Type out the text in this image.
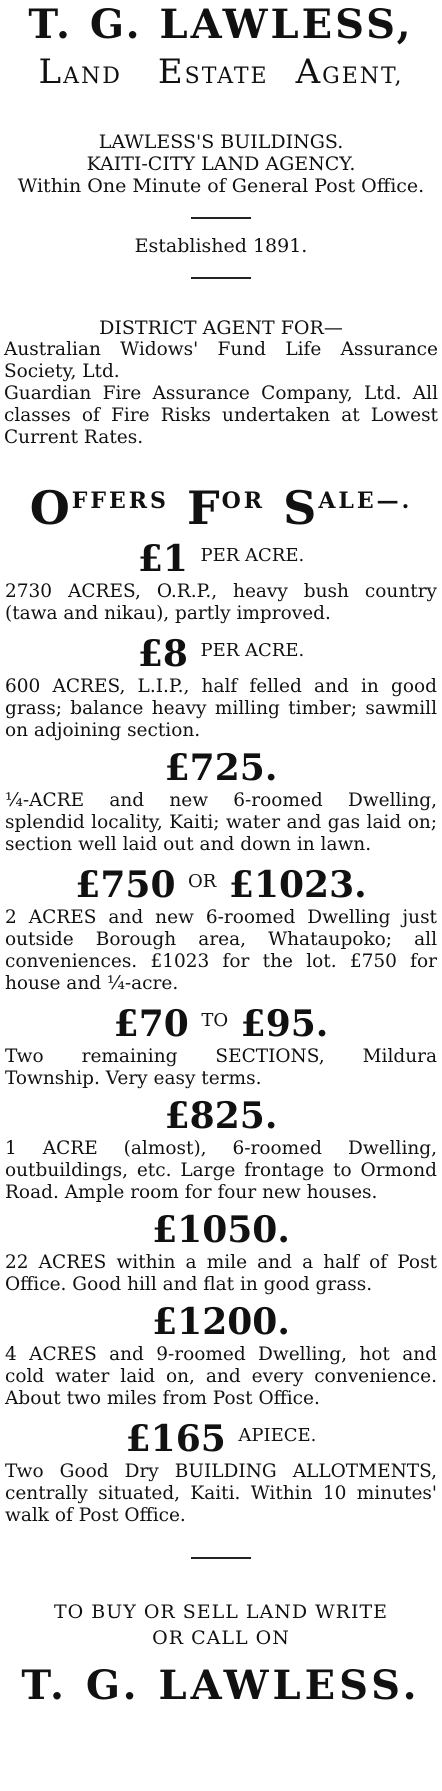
T. G. LAWLESS,
LAND ESTATE AGENT,
LAWLESS'S BUILDINGS.
KAITI-CITY LAND AGENCY.
Within One Minute of General Post Office.
Established 1891.
DISTRICT AGENT FOR—
Australian Widows' Fund Life Assurance Society, Ltd.
Guardian Fire Assurance Company, Ltd. All classes of Fire Risks undertaken at Lowest Current Rates.
$O^{FFERS}$ $F^{OR}$ $S^{ALE—.}$
£1 $^{PER ACRE.}$
2730 ACRES, O.R.P., heavy bush country (tawa and nikau), partly improved.
£8 $^{PER ACRE.}$
600 ACRES, L.I.P., half felled and in good grass; balance heavy milling timber; sawmill on adjoining section.
£725.
¼-ACRE and new 6-roomed Dwelling, splendid locality, Kaiti; water and gas laid on; section well laid out and down in lawn.
£750 $^{OR}$ £1023.
2 ACRES and new 6-roomed Dwelling just outside Borough area, Whataupoko; all conveniences. £1023 for the lot. £750 for house and ¼-acre.
£70 $^{TO}$ £95.
Two remaining SECTIONS, Mildura Township. Very easy terms.
£825.
1 ACRE (almost), 6-roomed Dwelling, outbuildings, etc. Large frontage to Ormond Road. Ample room for four new houses.
£1050.
22 ACRES within a mile and a half of Post Office. Good hill and flat in good grass.
£1200.
4 ACRES and 9-roomed Dwelling, hot and cold water laid on, and every convenience. About two miles from Post Office.
£165 $^{APIECE.}$
Two Good Dry BUILDING ALLOTMENTS, centrally situated, Kaiti. Within 10 minutes' walk of Post Office.
TO BUY OR SELL LAND WRITE
OR CALL ON
T. G. LAWLESS.
